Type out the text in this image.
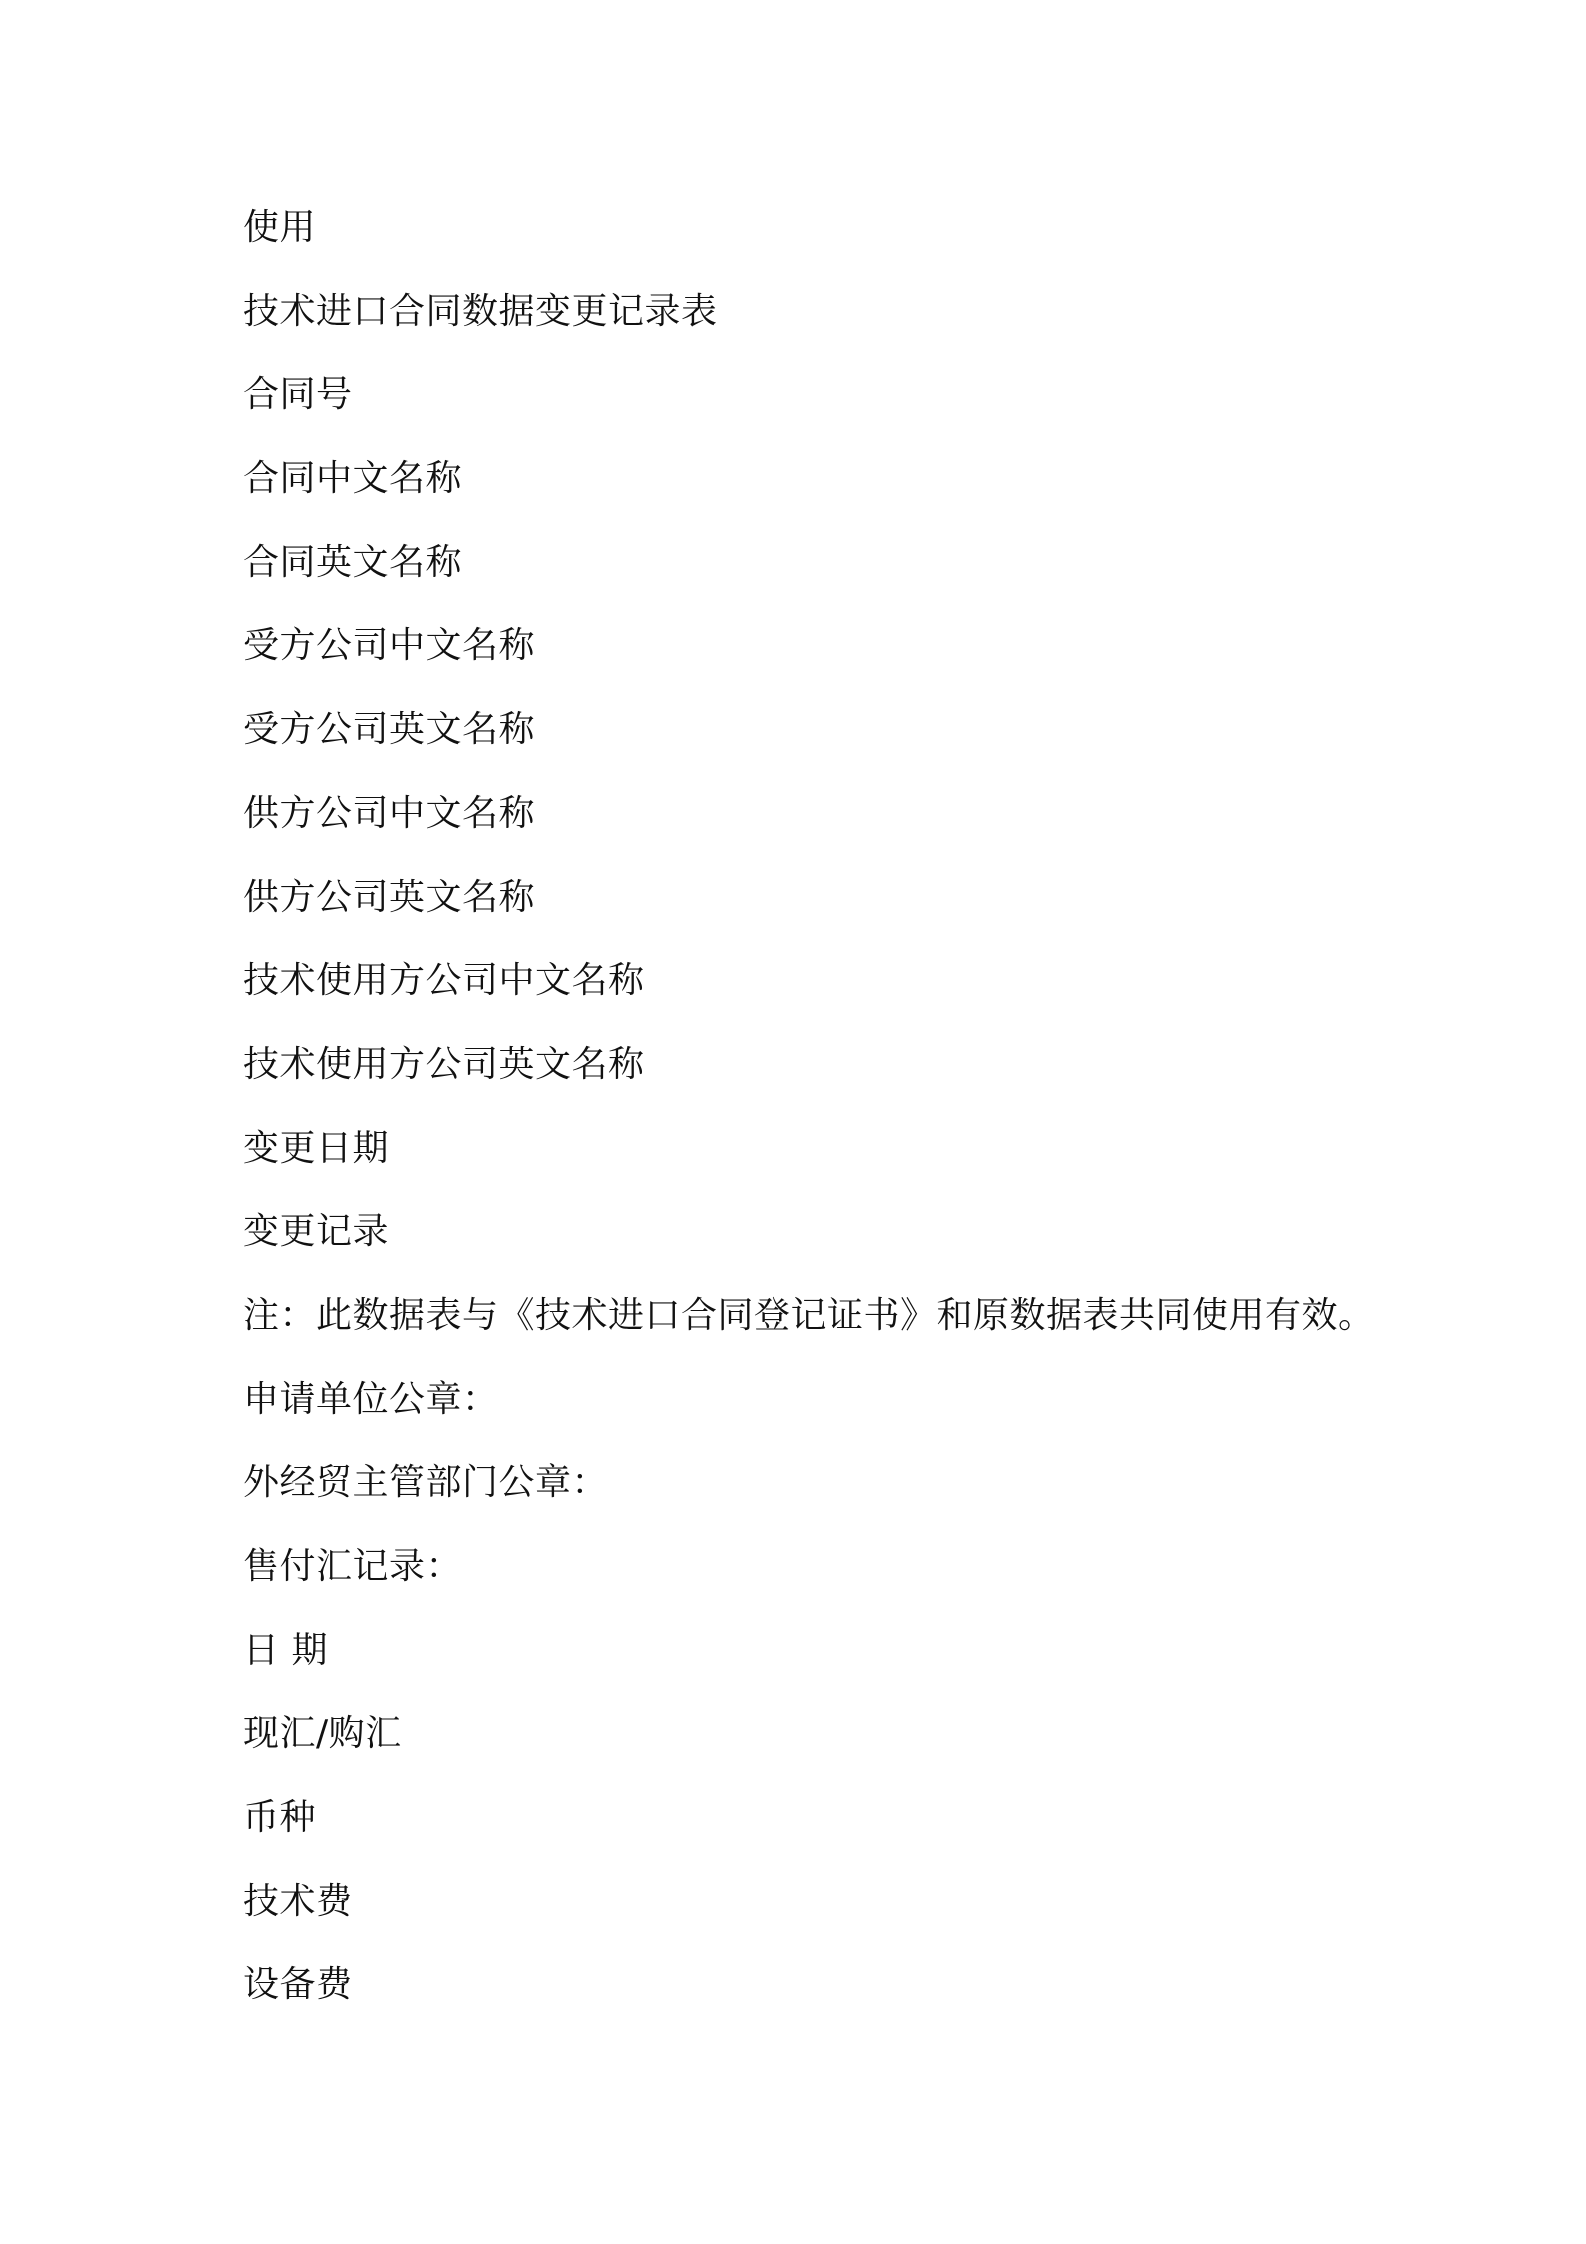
使用
技术进口合同数据变更记录表
合同号
合同中文名称
合同英文名称
受方公司中文名称
受方公司英文名称
供方公司中文名称
供方公司英文名称
技术使用方公司中文名称
技术使用方公司英文名称
变更日期
变更记录
注：此数据表与《技术进口合同登记证书》和原数据表共同使用有效。
申请单位公章：
外经贸主管部门公章：
售付汇记录：
日 期
现汇/购汇
币种
技术费
设备费
